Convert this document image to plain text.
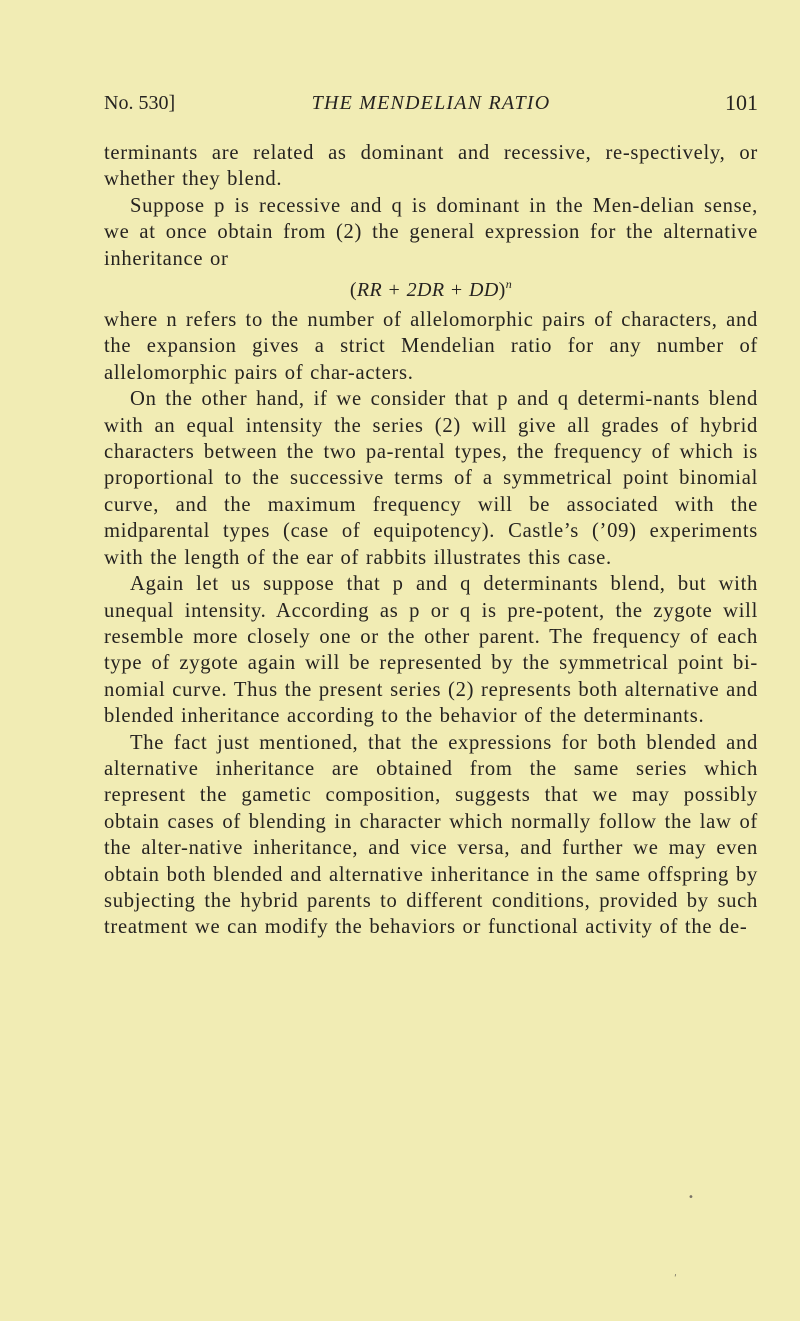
No. 530]	THE MENDELIAN RATIO	101

terminants are related as dominant and recessive, re-spectively, or whether they blend.

Suppose p is recessive and q is dominant in the Men-delian sense, we at once obtain from (2) the general expression for the alternative inheritance or

(RR + 2DR + DD)$^n$

where n refers to the number of allelomorphic pairs of characters, and the expansion gives a strict Mendelian ratio for any number of allelomorphic pairs of char-acters.

On the other hand, if we consider that p and q determi-nants blend with an equal intensity the series (2) will give all grades of hybrid characters between the two pa-rental types, the frequency of which is proportional to the successive terms of a symmetrical point binomial curve, and the maximum frequency will be associated with the midparental types (case of equipotency). Castle’s (’09) experiments with the length of the ear of rabbits illustrates this case.

Again let us suppose that p and q determinants blend, but with unequal intensity. According as p or q is pre-potent, the zygote will resemble more closely one or the other parent. The frequency of each type of zygote again will be represented by the symmetrical point bi-nomial curve. Thus the present series (2) represents both alternative and blended inheritance according to the behavior of the determinants.

The fact just mentioned, that the expressions for both blended and alternative inheritance are obtained from the same series which represent the gametic composition, suggests that we may possibly obtain cases of blending in character which normally follow the law of the alter-native inheritance, and vice versa, and further we may even obtain both blended and alternative inheritance in the same offspring by subjecting the hybrid parents to different conditions, provided by such treatment we can modify the behaviors or functional activity of the de-

•
ʹ
